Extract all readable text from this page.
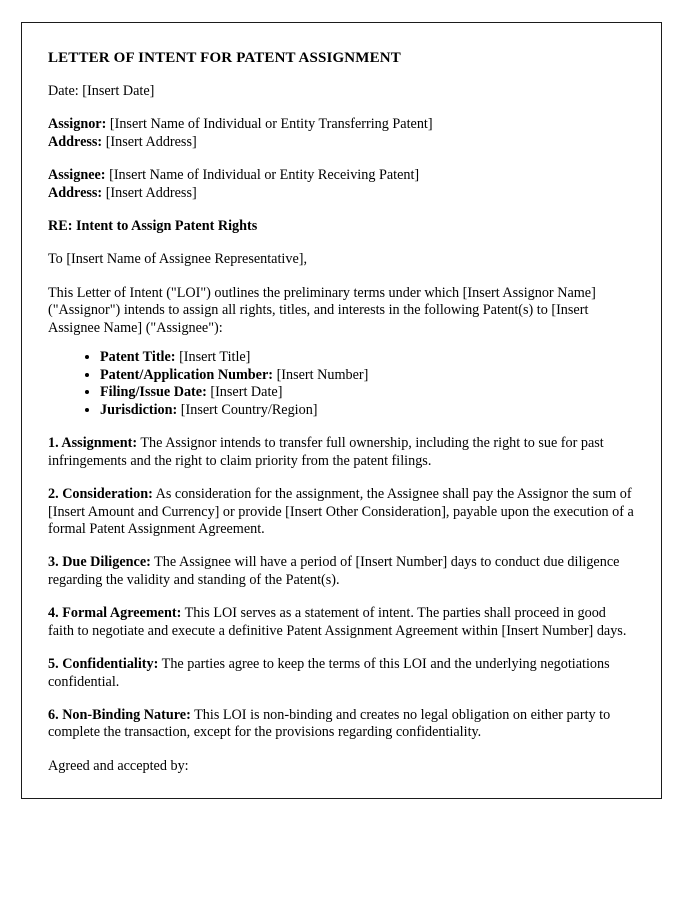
LETTER OF INTENT FOR PATENT ASSIGNMENT

Date: [Insert Date]

Assignor: [Insert Name of Individual or Entity Transferring Patent]
Address: [Insert Address]

Assignee: [Insert Name of Individual or Entity Receiving Patent]
Address: [Insert Address]

RE: Intent to Assign Patent Rights

To [Insert Name of Assignee Representative],

This Letter of Intent ("LOI") outlines the preliminary terms under which [Insert Assignor Name] ("Assignor") intends to assign all rights, titles, and interests in the following Patent(s) to [Insert Assignee Name] ("Assignee"):

• Patent Title: [Insert Title]
• Patent/Application Number: [Insert Number]
• Filing/Issue Date: [Insert Date]
• Jurisdiction: [Insert Country/Region]

1. Assignment: The Assignor intends to transfer full ownership, including the right to sue for past infringements and the right to claim priority from the patent filings.

2. Consideration: As consideration for the assignment, the Assignee shall pay the Assignor the sum of [Insert Amount and Currency] or provide [Insert Other Consideration], payable upon the execution of a formal Patent Assignment Agreement.

3. Due Diligence: The Assignee will have a period of [Insert Number] days to conduct due diligence regarding the validity and standing of the Patent(s).

4. Formal Agreement: This LOI serves as a statement of intent. The parties shall proceed in good faith to negotiate and execute a definitive Patent Assignment Agreement within [Insert Number] days.

5. Confidentiality: The parties agree to keep the terms of this LOI and the underlying negotiations confidential.

6. Non-Binding Nature: This LOI is non-binding and creates no legal obligation on either party to complete the transaction, except for the provisions regarding confidentiality.

Agreed and accepted by:
